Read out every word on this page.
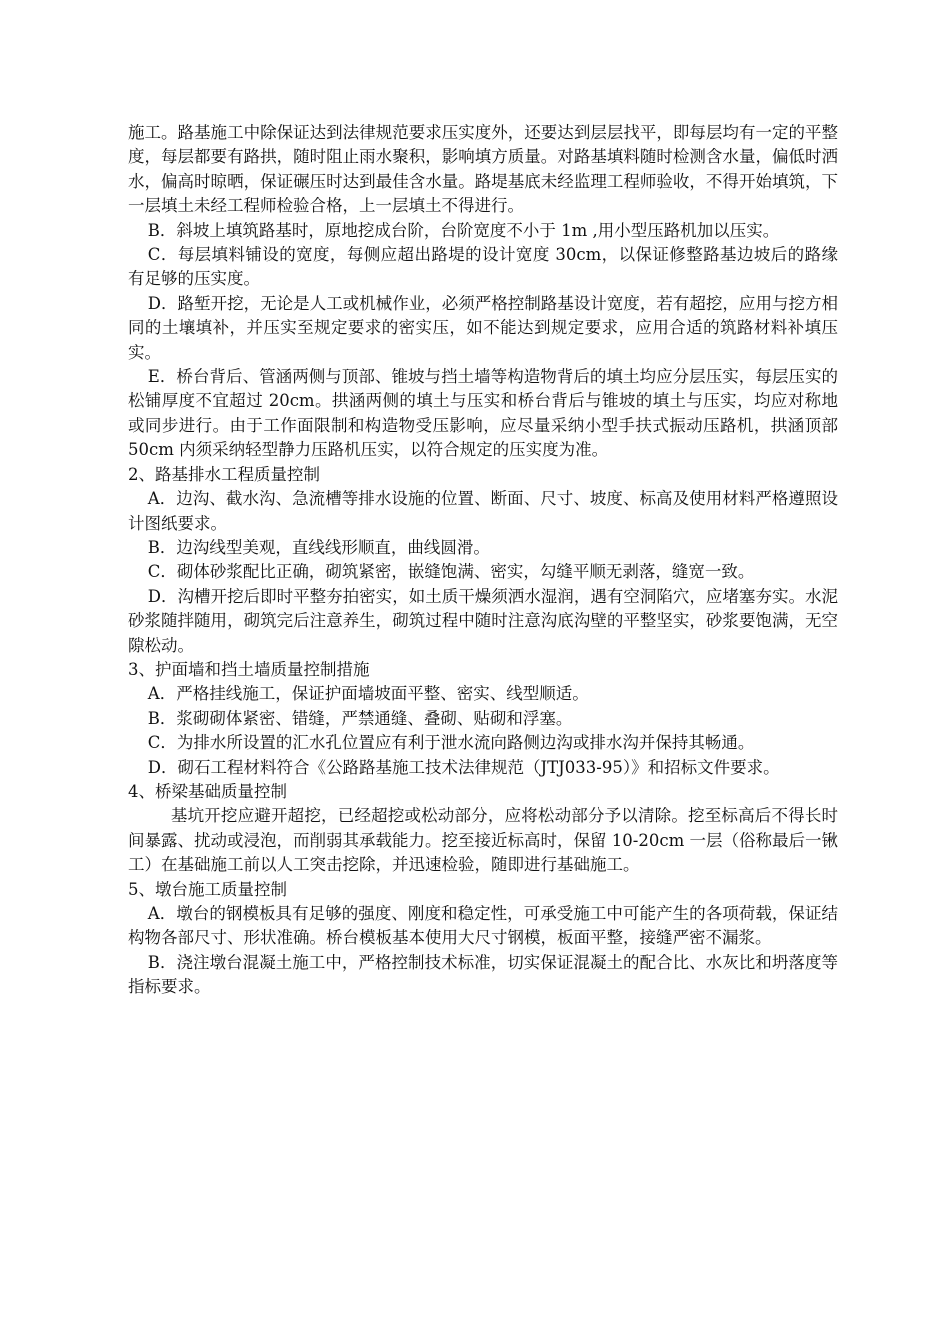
施工。路基施工中除保证达到法律规范要求压实度外，还要达到层层找平，即每层均有一定的平整度，每层都要有路拱，随时阻止雨水聚积，影响填方质量。对路基填料随时检测含水量，偏低时洒水，偏高时晾晒，保证碾压时达到最佳含水量。路堤基底未经监理工程师验收，不得开始填筑，下一层填土未经工程师检验合格，上一层填土不得进行。

B．斜坡上填筑路基时，原地挖成台阶，台阶宽度不小于 1m ,用小型压路机加以压实。

C．每层填料铺设的宽度，每侧应超出路堤的设计宽度 30cm，以保证修整路基边坡后的路缘有足够的压实度。

D．路堑开挖，无论是人工或机械作业，必须严格控制路基设计宽度，若有超挖，应用与挖方相同的土壤填补，并压实至规定要求的密实压，如不能达到规定要求，应用合适的筑路材料补填压实。

E．桥台背后、管涵两侧与顶部、锥坡与挡土墙等构造物背后的填土均应分层压实，每层压实的松铺厚度不宜超过 20cm。拱涵两侧的填土与压实和桥台背后与锥坡的填土与压实，均应对称地或同步进行。由于工作面限制和构造物受压影响，应尽量采纳小型手扶式振动压路机，拱涵顶部 50cm 内须采纳轻型静力压路机压实，以符合规定的压实度为准。

2、路基排水工程质量控制

A．边沟、截水沟、急流槽等排水设施的位置、断面、尺寸、坡度、标高及使用材料严格遵照设计图纸要求。

B．边沟线型美观，直线线形顺直，曲线圆滑。

C．砌体砂浆配比正确，砌筑紧密，嵌缝饱满、密实，勾缝平顺无剥落，缝宽一致。

D．沟槽开挖后即时平整夯拍密实，如土质干燥须洒水湿润，遇有空洞陷穴，应堵塞夯实。水泥砂浆随拌随用，砌筑完后注意养生，砌筑过程中随时注意沟底沟壁的平整坚实，砂浆要饱满，无空隙松动。

3、护面墙和挡土墙质量控制措施

A．严格挂线施工，保证护面墙坡面平整、密实、线型顺适。

B．浆砌砌体紧密、错缝，严禁通缝、叠砌、贴砌和浮塞。

C．为排水所设置的汇水孔位置应有利于泄水流向路侧边沟或排水沟并保持其畅通。

D．砌石工程材料符合《公路路基施工技术法律规范（JTJ033-95）》和招标文件要求。

4、桥梁基础质量控制

基坑开挖应避开超挖，已经超挖或松动部分，应将松动部分予以清除。挖至标高后不得长时间暴露、扰动或浸泡，而削弱其承载能力。挖至接近标高时，保留 10-20cm 一层（俗称最后一锹工）在基础施工前以人工突击挖除，并迅速检验，随即进行基础施工。

5、墩台施工质量控制

A．墩台的钢模板具有足够的强度、刚度和稳定性，可承受施工中可能产生的各项荷载，保证结构物各部尺寸、形状准确。桥台模板基本使用大尺寸钢模，板面平整，接缝严密不漏浆。

B．浇注墩台混凝土施工中，严格控制技术标准，切实保证混凝土的配合比、水灰比和坍落度等指标要求。
